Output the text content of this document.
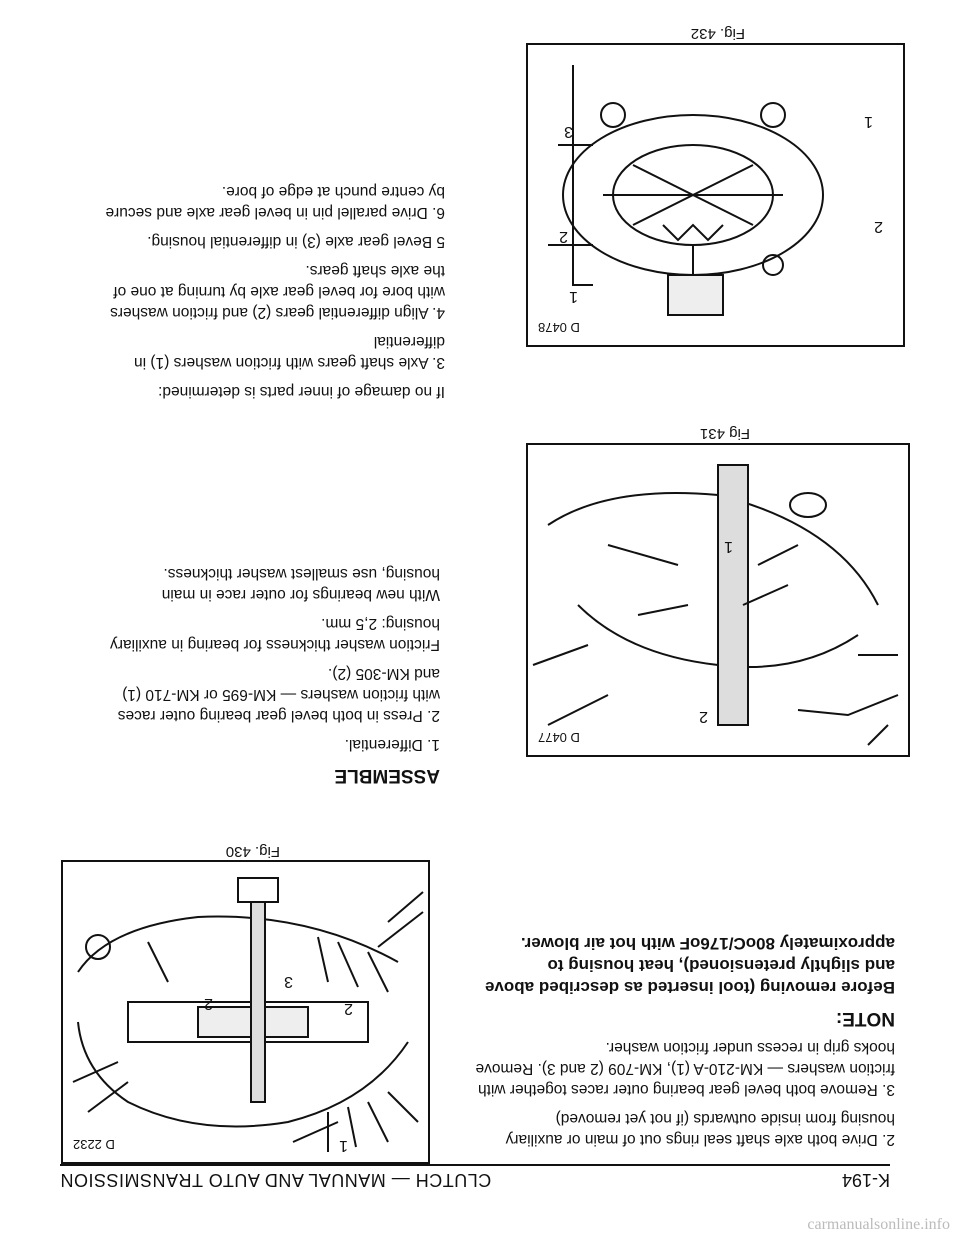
K-194
CLUTCH — MANUAL AND AUTO TRANSMISSION

2. Drive both axle shaft seal rings out of main or auxiliary housing from inside outwards (if not yet removed)

3. Remove both bevel gear bearing outer races together with friction washers — KM-210-A (1), KM-709 (2 and 3). Remove hooks grip in recess under friction washer.

NOTE:

Before removing (tool inserted as described above and slightly pretensioned), heat housing to approximately 80oC/176oF with hot air blower.

1
2
3
2
D 2232
Fig. 430
ASSEMBLE

1. Differential.

2. Press in both bevel gear bearing outer races with friction washers — KM-695 or KM-710 (1) and KM-305 (2).

Friction washer thickness for bearing in auxiliary housing: 2,5 mm.

With new bearings for outer race in main housing, use smallest washer thickness.

1
2
D 0477
Fig 431

If no damage of inner parts is determined:

3. Axle shaft gears with friction washers (1) in differential

4. Align differential gears (2) and friction washers with bore for bevel gear axle by turning at one of the axle shaft gears.

5 Bevel gear axle (3) in differential housing.

6. Drive parallel pin in bevel gear axle and secure by centre punch at edge of bore.

1
2
3
1
2
D 0478
Fig. 432
carmanualsonline.info
